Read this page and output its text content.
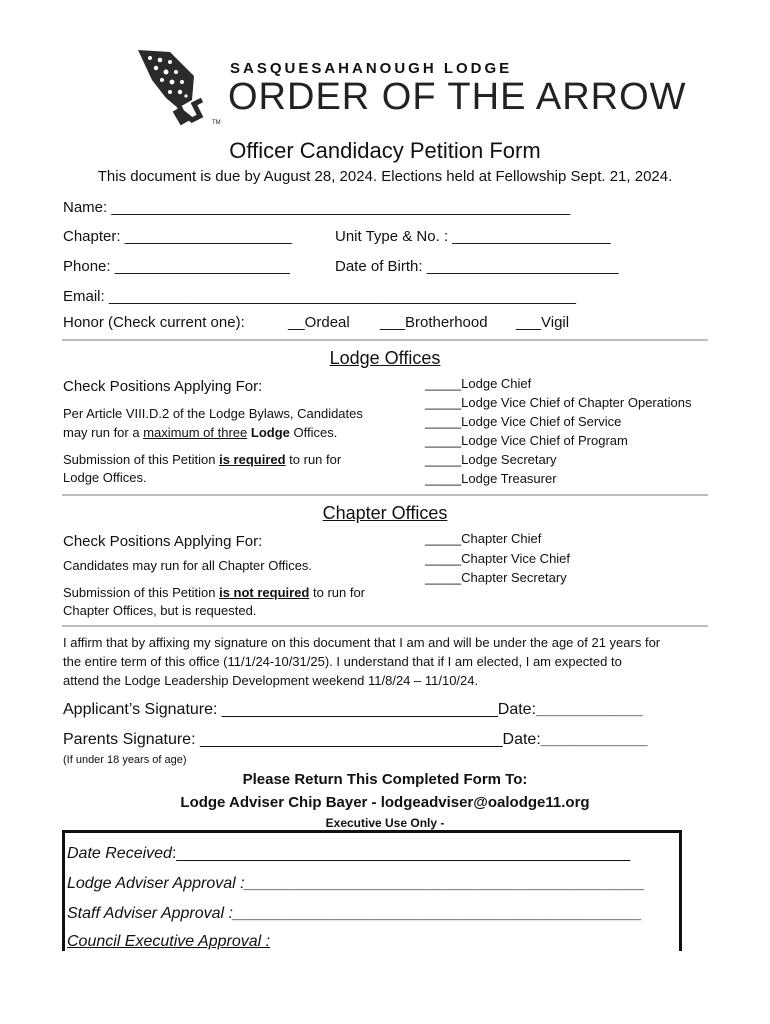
TM
SASQUESAHANOUGH LODGE
ORDER OF THE ARROW
Officer Candidacy Petition Form
This document is due by August 28, 2024. Elections held at Fellowship Sept. 21, 2024.
Name: _______________________________________________________
Chapter: ____________________	Unit Type & No. : ___________________
Phone: _____________________	Date of Birth: _______________________
Email: ________________________________________________________
Honor (Check current one):	__Ordeal ___Brotherhood ___Vigil
Lodge Offices
Check Positions Applying For:
Per Article VIII.D.2 of the Lodge Bylaws, Candidates
may run for a maximum of three Lodge Offices.
Submission of this Petition is required to run for
Lodge Offices.
_____Lodge Chief
_____Lodge Vice Chief of Chapter Operations
_____Lodge Vice Chief of Service
_____Lodge Vice Chief of Program
_____Lodge Secretary
_____Lodge Treasurer
Chapter Offices
Check Positions Applying For:
Candidates may run for all Chapter Offices.
Submission of this Petition is not required to run for
Chapter Offices, but is requested.
_____Chapter Chief
_____Chapter Vice Chief
_____Chapter Secretary
I affirm that by affixing my signature on this document that I am and will be under the age of 21 years for
the entire term of this office (11/1/24-10/31/25). I understand that if I am elected, I am expected to
attend the Lodge Leadership Development weekend 11/8/24 – 11/10/24.
Applicant’s Signature: _______________________________Date:____________
Parents Signature: __________________________________Date:____________
(If under 18 years of age)
Please Return This Completed Form To:
Lodge Adviser Chip Bayer - lodgeadviser@oalodge11.org
Executive Use Only -
Date Received:___________________________________________________
Lodge Adviser Approval :_____________________________________________
Staff Adviser Approval :______________________________________________
Council Executive Approval :
